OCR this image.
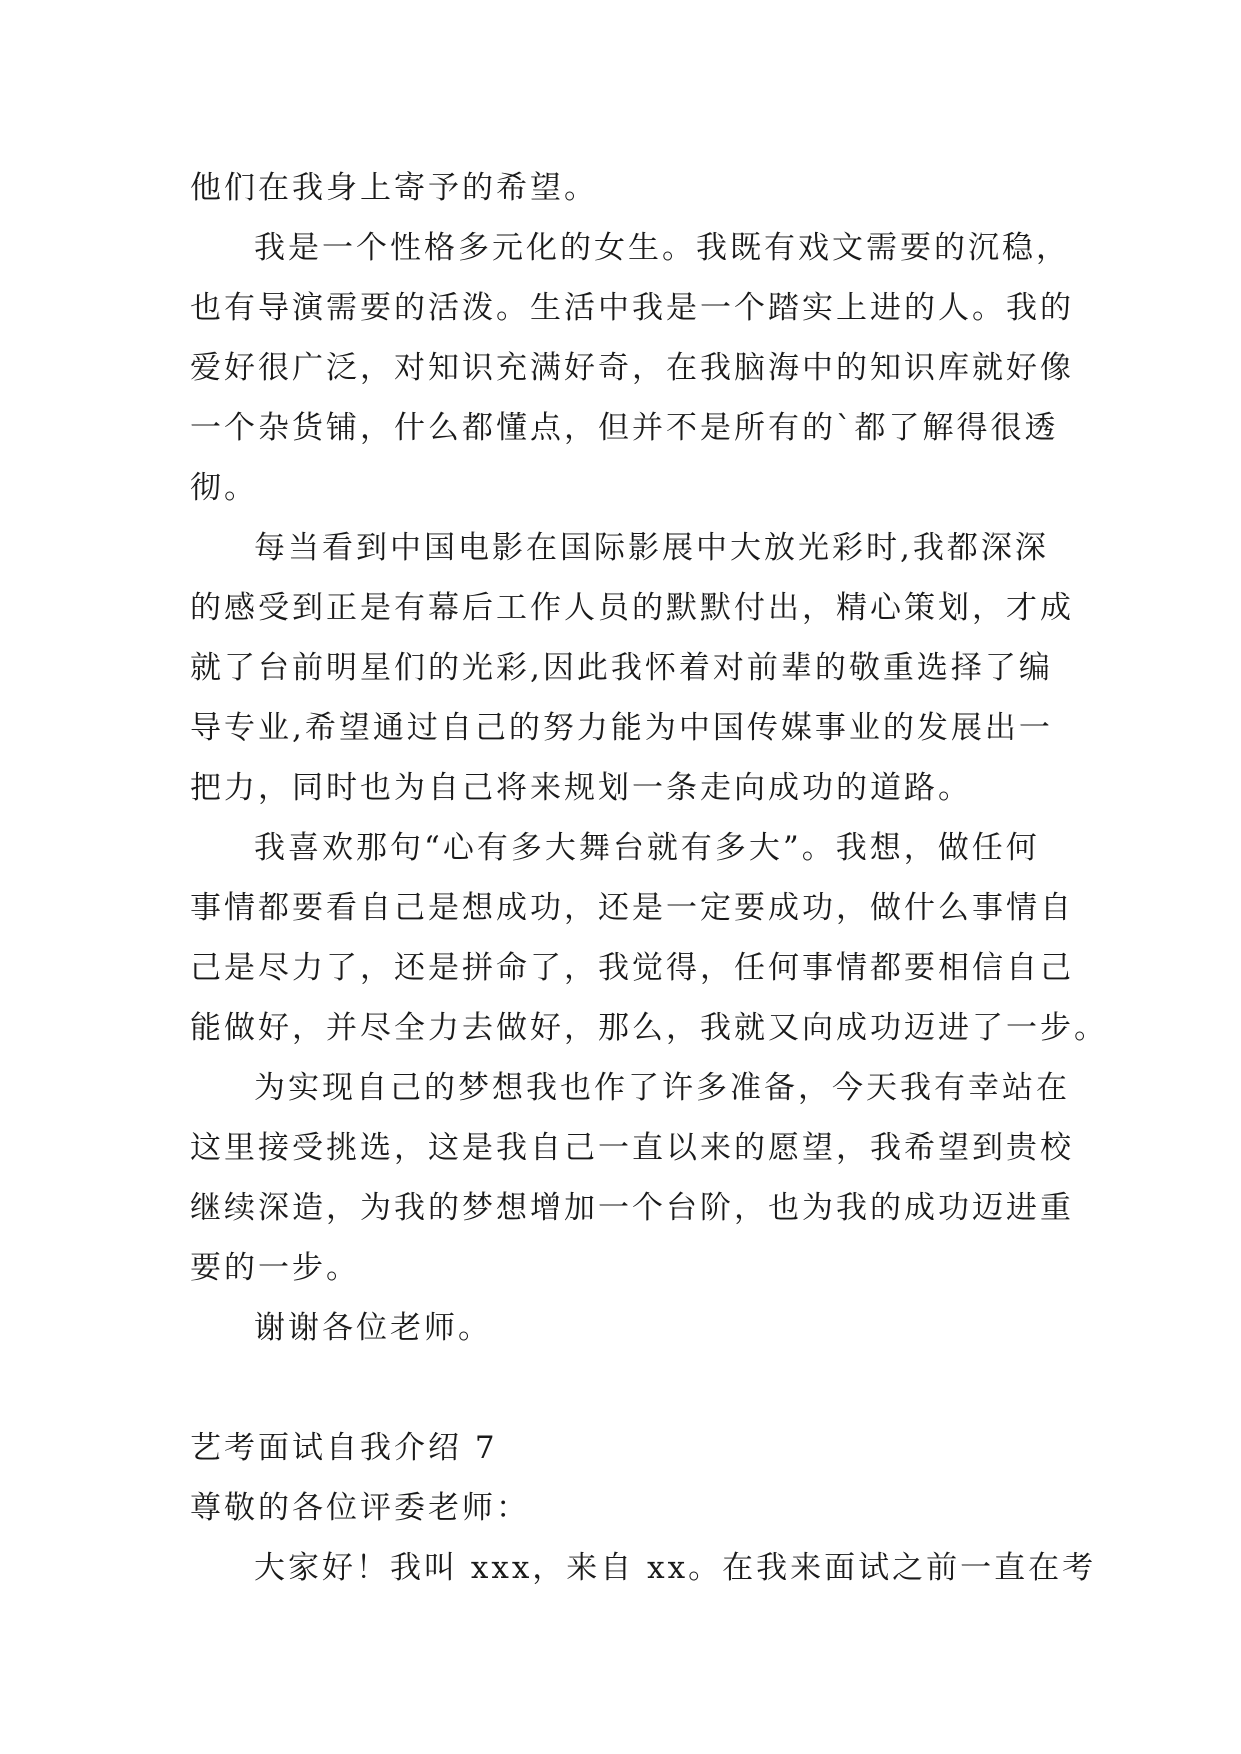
他们在我身上寄予的希望。
我是一个性格多元化的女生。我既有戏文需要的沉稳，
也有导演需要的活泼。生活中我是一个踏实上进的人。我的
爱好很广泛，对知识充满好奇，在我脑海中的知识库就好像
一个杂货铺，什么都懂点，但并不是所有的`都了解得很透
彻。
每当看到中国电影在国际影展中大放光彩时,我都深深
的感受到正是有幕后工作人员的默默付出，精心策划，才成
就了台前明星们的光彩,因此我怀着对前辈的敬重选择了编
导专业,希望通过自己的努力能为中国传媒事业的发展出一
把力，同时也为自己将来规划一条走向成功的道路。
我喜欢那句“心有多大舞台就有多大”。我想，做任何
事情都要看自己是想成功，还是一定要成功，做什么事情自
己是尽力了，还是拼命了，我觉得，任何事情都要相信自己
能做好，并尽全力去做好，那么，我就又向成功迈进了一步。
为实现自己的梦想我也作了许多准备，今天我有幸站在
这里接受挑选，这是我自己一直以来的愿望，我希望到贵校
继续深造，为我的梦想增加一个台阶，也为我的成功迈进重
要的一步。
谢谢各位老师。
艺考面试自我介绍 7
尊敬的各位评委老师：
大家好！我叫 xxx，来自 xx。在我来面试之前一直在考
